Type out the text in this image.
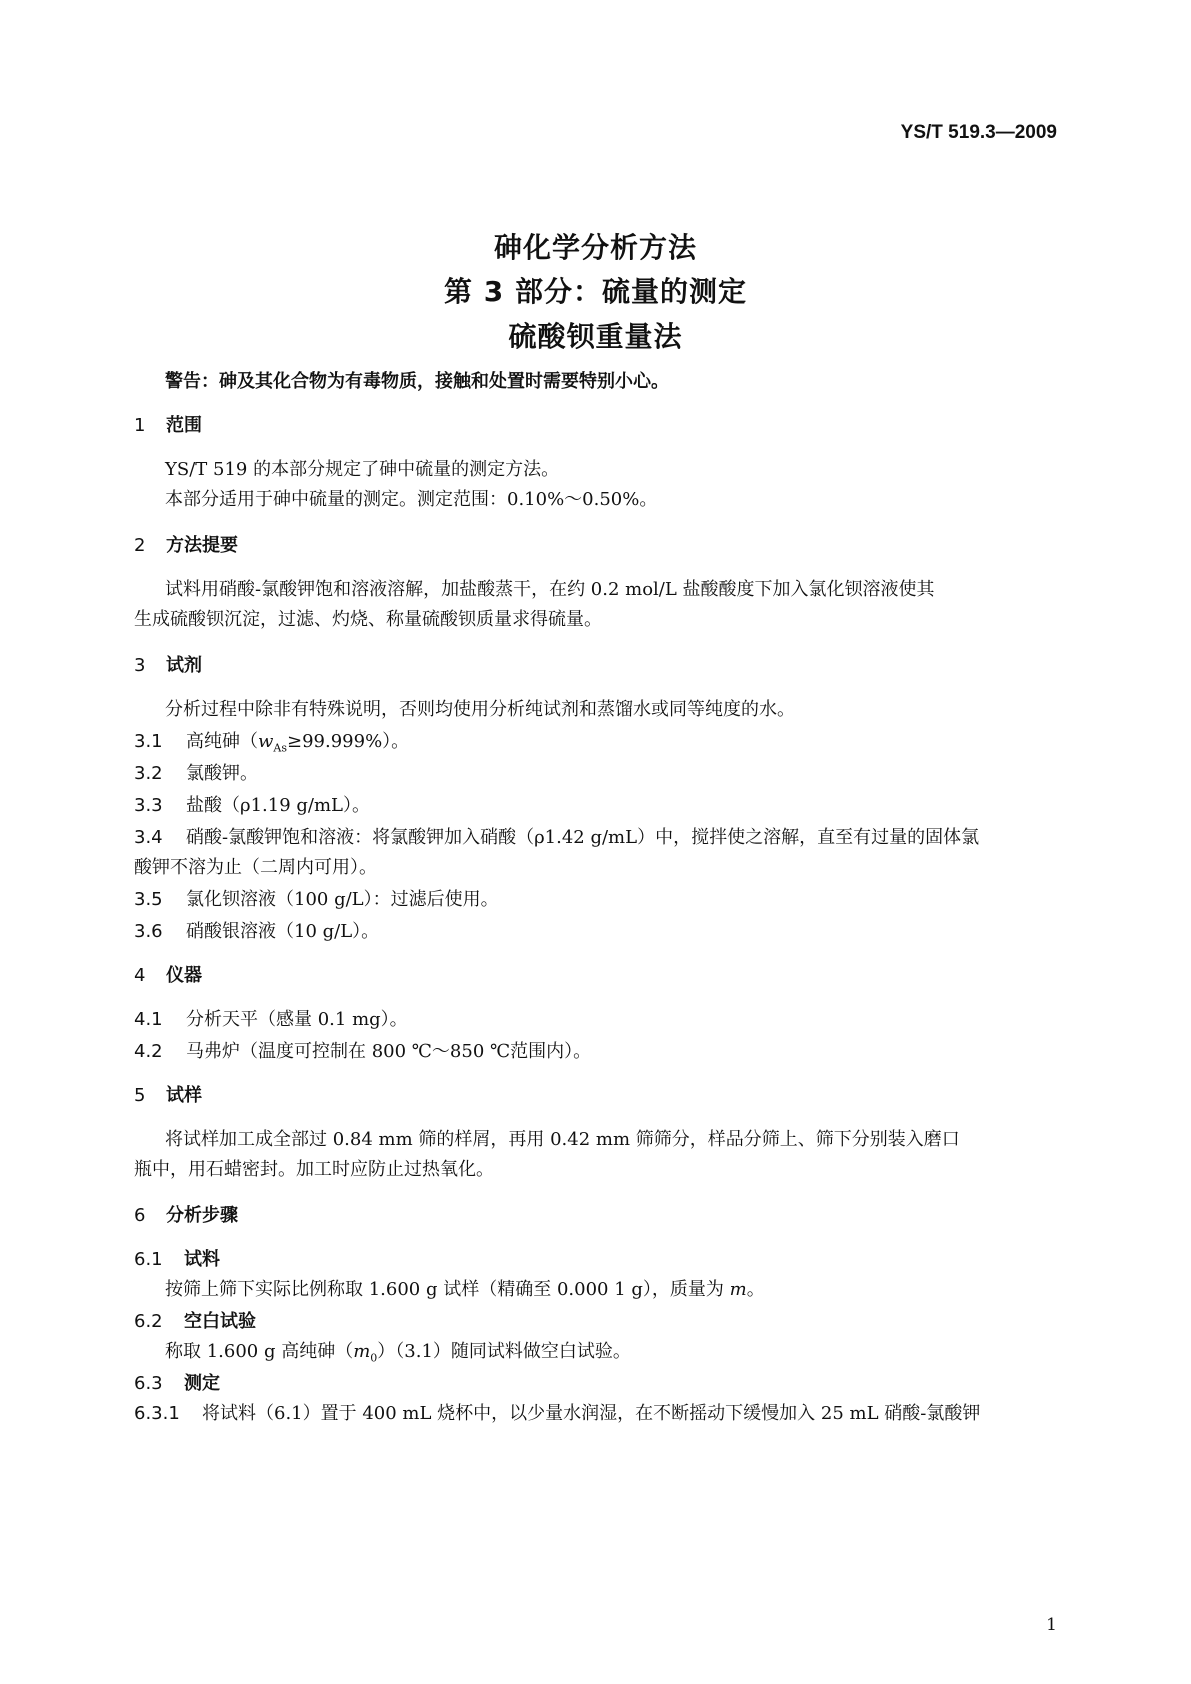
YS/T 519.3—2009
砷化学分析方法
第 3 部分：硫量的测定
硫酸钡重量法
警告：砷及其化合物为有毒物质，接触和处置时需要特别小心。
1 范围
YS/T 519 的本部分规定了砷中硫量的测定方法。
本部分适用于砷中硫量的测定。测定范围：0.10%～0.50%。
2 方法提要
试料用硝酸-氯酸钾饱和溶液溶解，加盐酸蒸干，在约 0.2 mol/L 盐酸酸度下加入氯化钡溶液使其
生成硫酸钡沉淀，过滤、灼烧、称量硫酸钡质量求得硫量。
3 试剂
分析过程中除非有特殊说明，否则均使用分析纯试剂和蒸馏水或同等纯度的水。
3.1 高纯砷$(w_{As}\ge 99.999\%)$。
3.2 氯酸钾。
3.3 盐酸（ρ1.19 g/mL）。
3.4 硝酸-氯酸钾饱和溶液：将氯酸钾加入硝酸（ρ1.42 g/mL）中，搅拌使之溶解，直至有过量的固体氯
酸钾不溶为止（二周内可用）。
3.5 氯化钡溶液（100 g/L）：过滤后使用。
3.6 硝酸银溶液（10 g/L）。
4 仪器
4.1 分析天平（感量 0.1 mg）。
4.2 马弗炉（温度可控制在 800 ℃～850 ℃范围内）。
5 试样
将试样加工成全部过 0.84 mm 筛的样屑，再用 0.42 mm 筛筛分，样品分筛上、筛下分别装入磨口
瓶中，用石蜡密封。加工时应防止过热氧化。
6 分析步骤
6.1 试料
按筛上筛下实际比例称取 1.600 g 试样（精确至 0.000 1 g），质量为 m。
6.2 空白试验
称取 1.600 g 高纯砷$(m_0)(3.1)$随同试料做空白试验。
6.3 测定
6.3.1 将试料（6.1）置于 400 mL 烧杯中，以少量水润湿，在不断摇动下缓慢加入 25 mL 硝酸-氯酸钾
1
